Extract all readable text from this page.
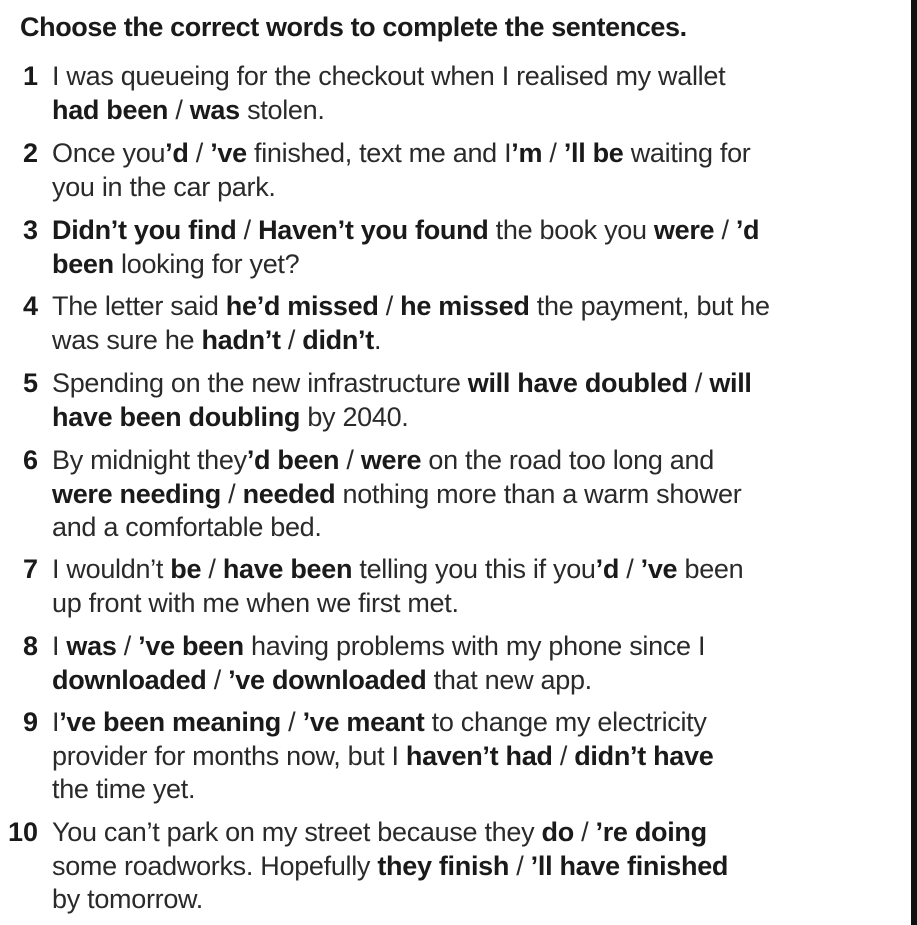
Choose the correct words to complete the sentences.
1 I was queueing for the checkout when I realised my wallet
had been / was stolen.
2 Once you’d / ’ve finished, text me and I’m / ’ll be waiting for
you in the car park.
3 Didn’t you find / Haven’t you found the book you were / ’d
been looking for yet?
4 The letter said he’d missed / he missed the payment, but he
was sure he hadn’t / didn’t.
5 Spending on the new infrastructure will have doubled / will
have been doubling by 2040.
6 By midnight they’d been / were on the road too long and
were needing / needed nothing more than a warm shower
and a comfortable bed.
7 I wouldn’t be / have been telling you this if you’d / ’ve been
up front with me when we first met.
8 I was / ’ve been having problems with my phone since I
downloaded / ’ve downloaded that new app.
9 I’ve been meaning / ’ve meant to change my electricity
provider for months now, but I haven’t had / didn’t have
the time yet.
10 You can’t park on my street because they do / ’re doing
some roadworks. Hopefully they finish / ’ll have finished
by tomorrow.
